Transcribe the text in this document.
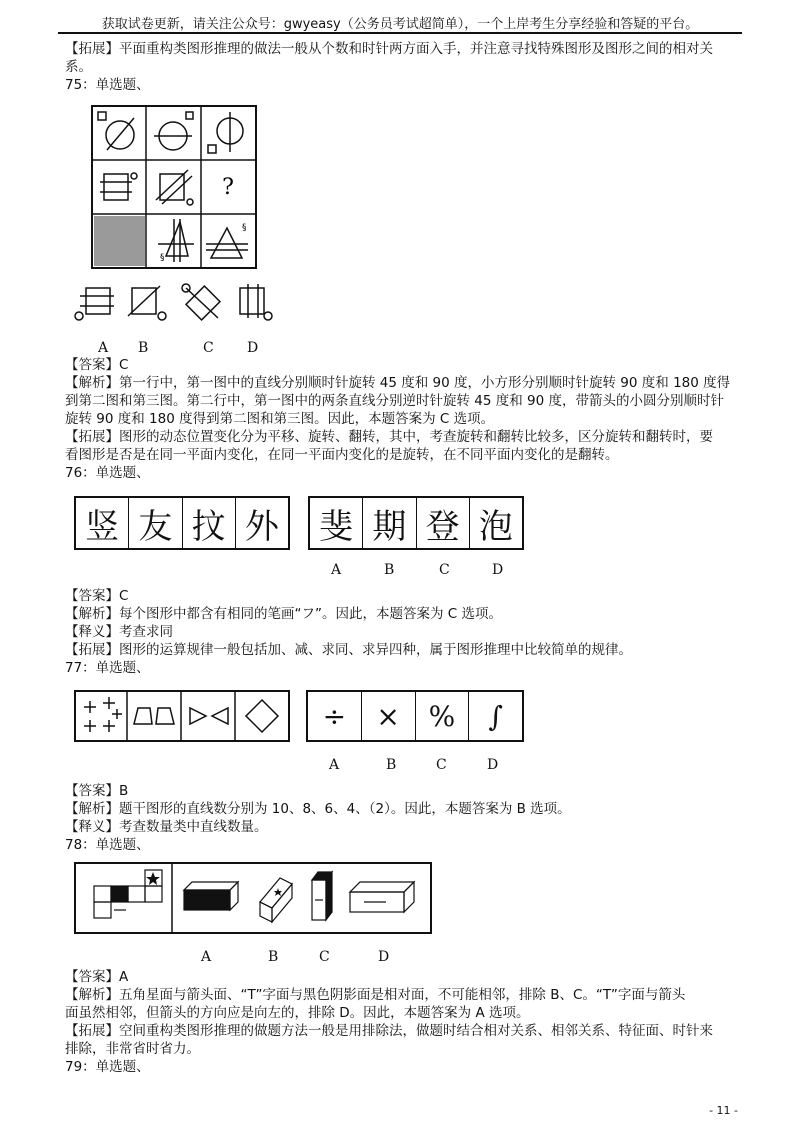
获取试卷更新，请关注公众号：gwyeasy（公务员考试超简单），一个上岸考生分享经验和答疑的平台。
【拓展】平面重构类图形推理的做法一般从个数和时针两方面入手，并注意寻找特殊图形及图形之间的相对关
系。
75：单选题、
?
§
§
A B	C D
【答案】C
【解析】第一行中，第一图中的直线分别顺时针旋转 45 度和 90 度，小方形分别顺时针旋转 90 度和 180 度得
到第二图和第三图。第二行中，第一图中的两条直线分别逆时针旋转 45 度和 90 度，带箭头的小圆分别顺时针
旋转 90 度和 180 度得到第二图和第三图。因此，本题答案为 C 选项。
【拓展】图形的动态位置变化分为平移、旋转、翻转，其中，考查旋转和翻转比较多，区分旋转和翻转时，要
看图形是否是在同一平面内变化，在同一平面内变化的是旋转，在不同平面内变化的是翻转。
76：单选题、
竖 友 抆 外 斐 期 登 泡
A	B	C	D
【答案】C
【解析】每个图形中都含有相同的笔画“フ”。因此，本题答案为 C 选项。
【释义】考查求同
【拓展】图形的运算规律一般包括加、减、求同、求异四种，属于图形推理中比较简单的规律。
77：单选题、
÷	×	%	∫
A	B	C	D
【答案】B
【解析】题干图形的直线数分别为 10、8、6、4、（2）。因此，本题答案为 B 选项。
【释义】考查数量类中直线数量。
78：单选题、
A	B	C	D
【答案】A
【解析】五角星面与箭头面、“T”字面与黑色阴影面是相对面，不可能相邻，排除 B、C。“T”字面与箭头
面虽然相邻，但箭头的方向应是向左的，排除 D。因此，本题答案为 A 选项。
【拓展】空间重构类图形推理的做题方法一般是用排除法，做题时结合相对关系、相邻关系、特征面、时针来
排除，非常省时省力。
79：单选题、
- 11 -
